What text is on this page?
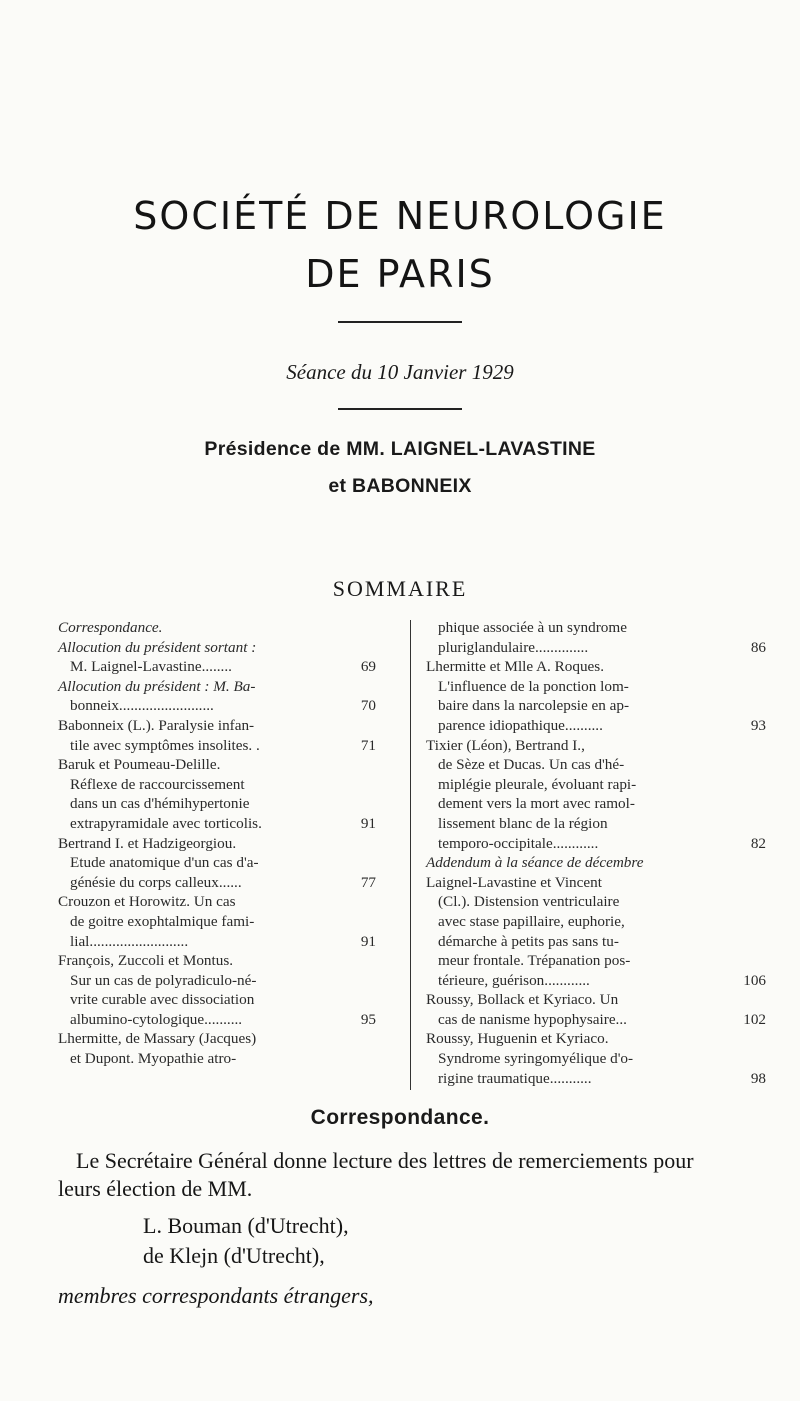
SOCIÉTÉ DE NEUROLOGIE
DE PARIS
Séance du 10 Janvier 1929
Présidence de MM. LAIGNEL-LAVASTINE
et BABONNEIX
SOMMAIRE
Correspondance.
Allocution du président sortant :
M. Laignel-Lavastine........	69
Allocution du président : M. Ba-
bonneix.........................	70
Babonneix (L.). Paralysie infan-
tile avec symptômes insolites. .	71
Baruk et Poumeau-Delille.
Réflexe de raccourcissement
dans un cas d'hémihypertonie
extrapyramidale avec torticolis.	91
Bertrand I. et Hadzigeorgiou.
Etude anatomique d'un cas d'a-
génésie du corps calleux......	77
Crouzon et Horowitz. Un cas
de goitre exophtalmique fami-
lial..........................	91
François, Zuccoli et Montus.
Sur un cas de polyradiculo-né-
vrite curable avec dissociation
albumino-cytologique..........	95
Lhermitte, de Massary (Jacques)
et Dupont. Myopathie atro-
phique associée à un syndrome
pluriglandulaire..............	86
Lhermitte et Mlle A. Roques.
L'influence de la ponction lom-
baire dans la narcolepsie en ap-
parence idiopathique..........	93
Tixier (Léon), Bertrand I.,
de Sèze et Ducas. Un cas d'hé-
miplégie pleurale, évoluant rapi-
dement vers la mort avec ramol-
lissement blanc de la région
temporo-occipitale............	82
Addendum à la séance de décembre
Laignel-Lavastine et Vincent
(Cl.). Distension ventriculaire
avec stase papillaire, euphorie,
démarche à petits pas sans tu-
meur frontale. Trépanation pos-
térieure, guérison............	106
Roussy, Bollack et Kyriaco. Un
cas de nanisme hypophysaire...	102
Roussy, Huguenin et Kyriaco.
Syndrome syringomyélique d'o-
rigine traumatique...........	98
Correspondance.
Le Secrétaire Général donne lecture des lettres de remerciements pour
leurs élection de MM.
L. Bouman (d'Utrecht),
de Klejn (d'Utrecht),
membres correspondants étrangers,
